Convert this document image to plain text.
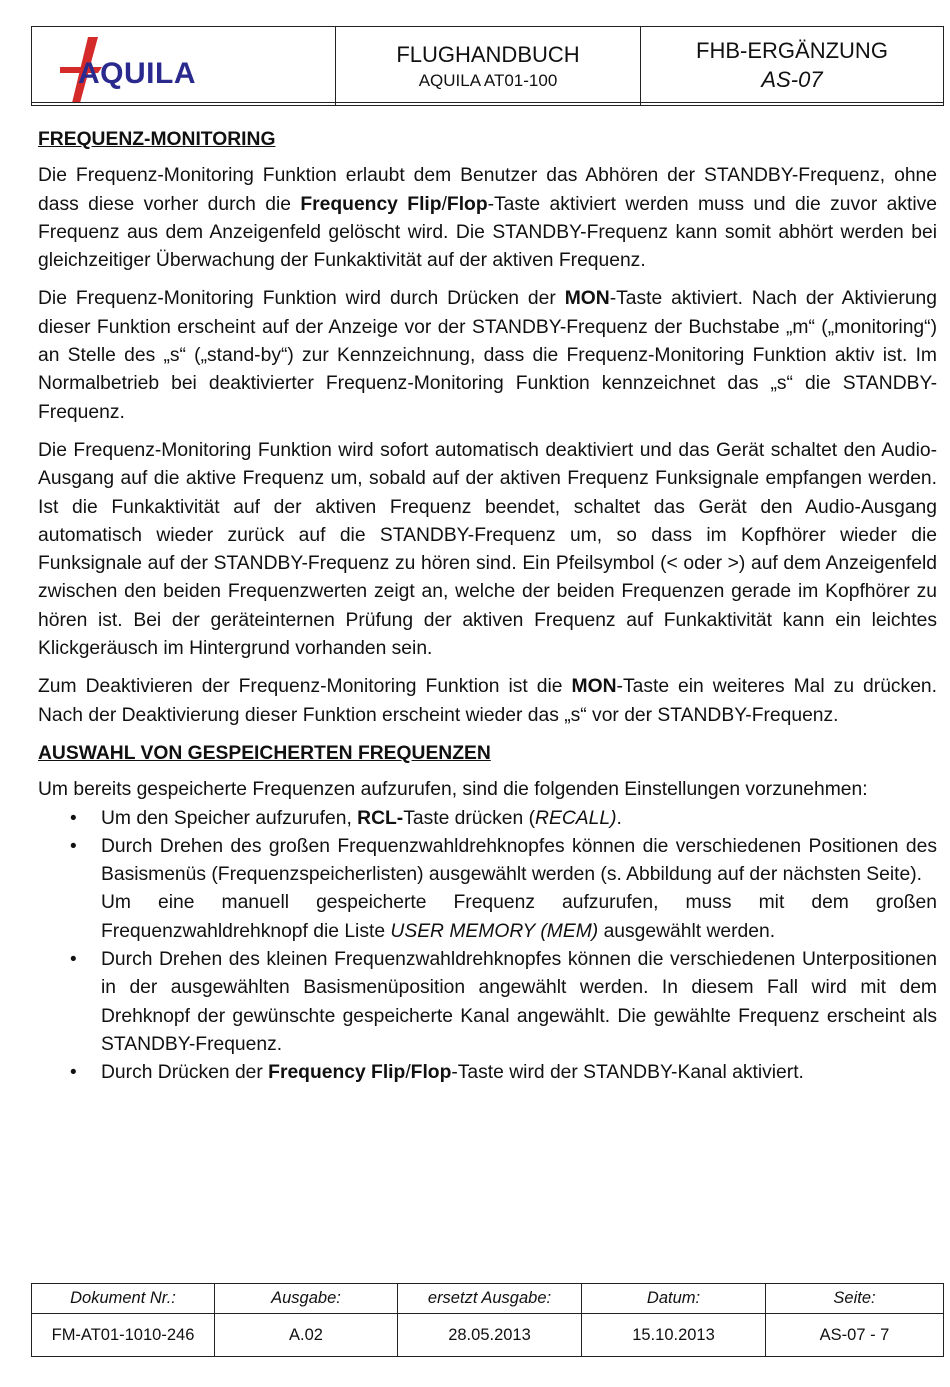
AQUILA
FLUGHANDBUCH
AQUILA AT01-100
FHB-ERGÄNZUNG
AS-07
FREQUENZ-MONITORING

Die Frequenz-Monitoring Funktion erlaubt dem Benutzer das Abhören der STANDBY-Frequenz, ohne dass diese vorher durch die Frequency Flip/Flop-Taste aktiviert werden muss und die zuvor aktive Frequenz aus dem Anzeigenfeld gelöscht wird. Die STANDBY-Frequenz kann somit abhört werden bei gleichzeitiger Überwachung der Funkaktivität auf der aktiven Frequenz.

Die Frequenz-Monitoring Funktion wird durch Drücken der MON-Taste aktiviert. Nach der Aktivierung dieser Funktion erscheint auf der Anzeige vor der STANDBY-Frequenz der Buchstabe „m“ („monitoring“) an Stelle des „s“ („stand-by“) zur Kennzeichnung, dass die Frequenz-Monitoring Funktion aktiv ist. Im Normalbetrieb bei deaktivierter Frequenz-Monitoring Funktion kennzeichnet das „s“ die STANDBY-Frequenz.

Die Frequenz-Monitoring Funktion wird sofort automatisch deaktiviert und das Gerät schaltet den Audio-Ausgang auf die aktive Frequenz um, sobald auf der aktiven Frequenz Funksignale empfangen werden. Ist die Funkaktivität auf der aktiven Frequenz beendet, schaltet das Gerät den Audio-Ausgang automatisch wieder zurück auf die STANDBY-Frequenz um, so dass im Kopfhörer wieder die Funksignale auf der STANDBY-Frequenz zu hören sind. Ein Pfeilsymbol (< oder >) auf dem Anzeigenfeld zwischen den beiden Frequenzwerten zeigt an, welche der beiden Frequenzen gerade im Kopfhörer zu hören ist. Bei der geräteinternen Prüfung der aktiven Frequenz auf Funkaktivität kann ein leichtes Klickgeräusch im Hintergrund vorhanden sein.

Zum Deaktivieren der Frequenz-Monitoring Funktion ist die MON-Taste ein weiteres Mal zu drücken. Nach der Deaktivierung dieser Funktion erscheint wieder das „s“ vor der STANDBY-Frequenz.

AUSWAHL VON GESPEICHERTEN FREQUENZEN

Um bereits gespeicherte Frequenzen aufzurufen, sind die folgenden Einstellungen vorzunehmen:

• Um den Speicher aufzurufen, RCL-Taste drücken (RECALL).

• Durch Drehen des großen Frequenzwahldrehknopfes können die verschiedenen Positionen des Basismenüs (Frequenzspeicherlisten) ausgewählt werden (s. Abbildung auf der nächsten Seite).

Um eine manuell gespeicherte Frequenz aufzurufen, muss mit dem großen Frequenzwahldrehknopf die Liste USER MEMORY (MEM) ausgewählt werden.

• Durch Drehen des kleinen Frequenzwahldrehknopfes können die verschiedenen Unterpositionen in der ausgewählten Basismenüposition angewählt werden. In diesem Fall wird mit dem Drehknopf der gewünschte gespeicherte Kanal angewählt. Die gewählte Frequenz erscheint als STANDBY-Frequenz.

• Durch Drücken der Frequency Flip/Flop-Taste wird der STANDBY-Kanal aktiviert.

Dokument Nr.:	Ausgabe:	ersetzt Ausgabe:	Datum:	Seite:
FM-AT01-1010-246	A.02	28.05.2013	15.10.2013	AS-07 - 7
